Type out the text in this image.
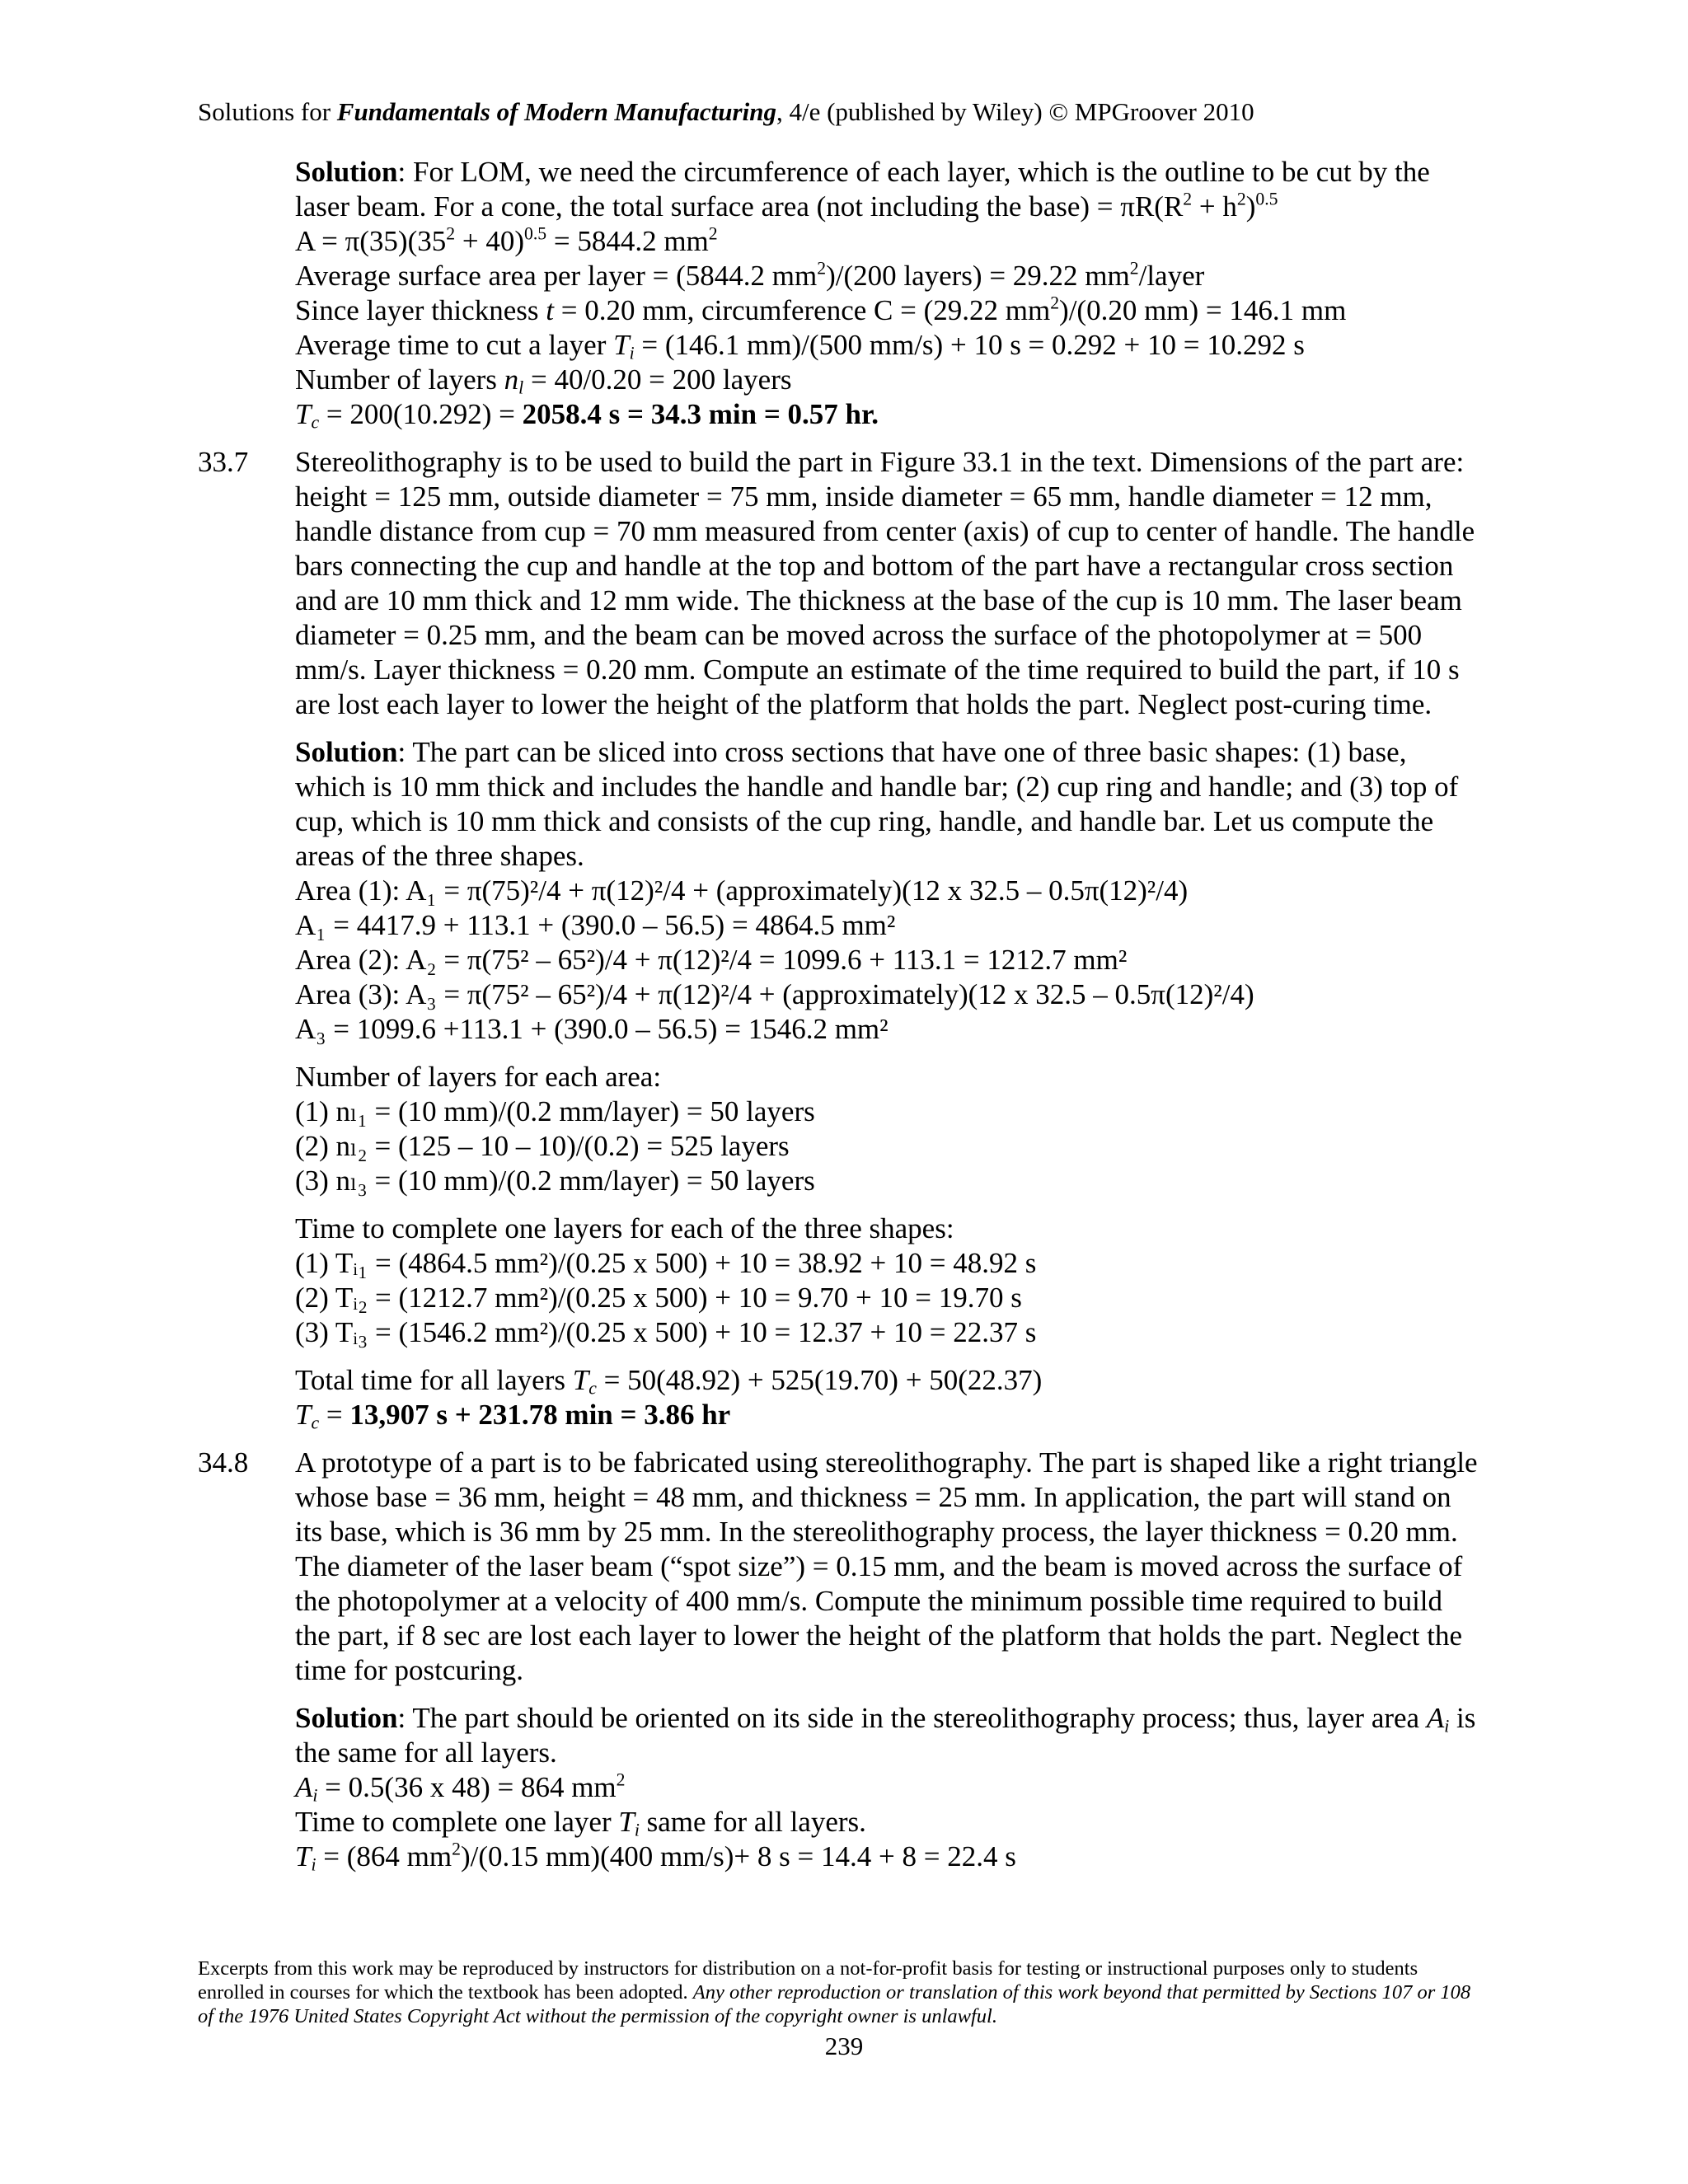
Solutions for Fundamentals of Modern Manufacturing, 4/e (published by Wiley) © MPGroover 2010

Solution: For LOM, we need the circumference of each layer, which is the outline to be cut by the laser beam. For a cone, the total surface area (not including the base) = $\pi R(R^2 + h^2)^{0.5}$

$A = \pi(35)(35^2 + 40)^{0.5} = 5844.2$ $mm^2$

Average surface area per layer = (5844.2 $mm^2)/(200$ layers) = 29.22 $mm^2$/layer

Since layer thickness t = 0.20 mm, circumference C = (29.22 $mm^2)/(0.20$ mm) = 146.1 mm

Average time to cut a layer $T_i = (146.1$ mm)/(500 mm/s) + 10 s = 0.292 + 10 = 10.292 s

Number of layers $n_l = 40/0.20 = 200$ layers

$T_c = 200(10.292) = 2058.4$ s = 34.3 min = 0.57 hr.

33.7 Stereolithography is to be used to build the part in Figure 33.1 in the text. Dimensions of the part are: height = 125 mm, outside diameter = 75 mm, inside diameter = 65 mm, handle diameter = 12 mm, handle distance from cup = 70 mm measured from center (axis) of cup to center of handle. The handle bars connecting the cup and handle at the top and bottom of the part have a rectangular cross section and are 10 mm thick and 12 mm wide. The thickness at the base of the cup is 10 mm. The laser beam diameter = 0.25 mm, and the beam can be moved across the surface of the photopolymer at = 500 mm/s. Layer thickness = 0.20 mm. Compute an estimate of the time required to build the part, if 10 s are lost each layer to lower the height of the platform that holds the part. Neglect post-curing time.

Solution: The part can be sliced into cross sections that have one of three basic shapes: (1) base, which is 10 mm thick and includes the handle and handle bar; (2) cup ring and handle; and (3) top of cup, which is 10 mm thick and consists of the cup ring, handle, and handle bar. Let us compute the areas of the three shapes.

Area (1): A₁ = π(75)²/4 + π(12)²/4 + (approximately)(12 x 32.5 – 0.5π(12)²/4)

A₁ = 4417.9 + 113.1 + (390.0 – 56.5) = 4864.5 mm²

Area (2): A₂ = π(75² – 65²)/4 + π(12)²/4 = 1099.6 + 113.1 = 1212.7 mm²

Area (3): A₃ = π(75² – 65²)/4 + π(12)²/4 + (approximately)(12 x 32.5 – 0.5π(12)²/4)

A₃ = 1099.6 +113.1 + (390.0 – 56.5) = 1546.2 mm²

Number of layers for each area:

(1) nₗ₁ = (10 mm)/(0.2 mm/layer) = 50 layers

(2) nₗ₂ = (125 – 10 – 10)/(0.2) = 525 layers

(3) nₗ₃ = (10 mm)/(0.2 mm/layer) = 50 layers

Time to complete one layers for each of the three shapes:

(1) Tᵢ₁ = (4864.5 mm²)/(0.25 x 500) + 10 = 38.92 + 10 = 48.92 s

(2) Tᵢ₂ = (1212.7 mm²)/(0.25 x 500) + 10 = 9.70 + 10 = 19.70 s

(3) Tᵢ₃ = (1546.2 mm²)/(0.25 x 500) + 10 = 12.37 + 10 = 22.37 s

Total time for all layers $T_c = 50(48.92) + 525(19.70) + 50(22.37)$

$T_c = 13,907$ s + 231.78 min = 3.86 hr

34.8 A prototype of a part is to be fabricated using stereolithography. The part is shaped like a right triangle whose base = 36 mm, height = 48 mm, and thickness = 25 mm. In application, the part will stand on its base, which is 36 mm by 25 mm. In the stereolithography process, the layer thickness = 0.20 mm. The diameter of the laser beam (“spot size”) = 0.15 mm, and the beam is moved across the surface of the photopolymer at a velocity of 400 mm/s. Compute the minimum possible time required to build the part, if 8 sec are lost each layer to lower the height of the platform that holds the part. Neglect the time for postcuring.

Solution: The part should be oriented on its side in the stereolithography process; thus, layer area $A_i$ is the same for all layers.

$A_i = 0.5(36$ x 48) = 864 $mm^2$

Time to complete one layer $T_i$ same for all layers.

$T_i = (864$ $mm^2)/(0.15$ mm)(400 mm/s)+ 8 s = 14.4 + 8 = 22.4 s

Excerpts from this work may be reproduced by instructors for distribution on a not-for-profit basis for testing or instructional purposes only to students enrolled in courses for which the textbook has been adopted. Any other reproduction or translation of this work beyond that permitted by Sections 107 or 108 of the 1976 United States Copyright Act without the permission of the copyright owner is unlawful.
239
